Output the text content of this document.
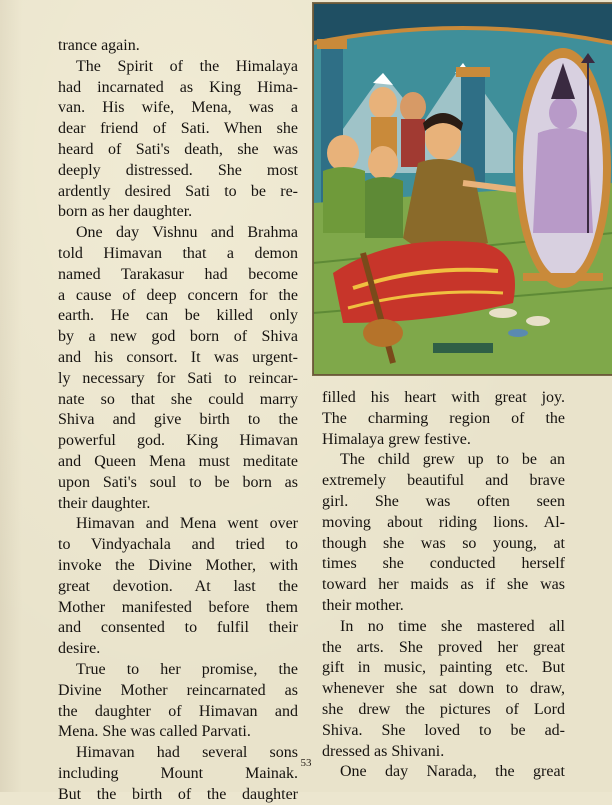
trance again.

The Spirit of the Himalaya
had incarnated as King Hima-
van. His wife, Mena, was a
dear friend of Sati. When she
heard of Sati's death, she was
deeply distressed. She most
ardently desired Sati to be re-
born as her daughter.

One day Vishnu and Brahma
told Himavan that a demon
named Tarakasur had become
a cause of deep concern for the
earth. He can be killed only
by a new god born of Shiva
and his consort. It was urgent-
ly necessary for Sati to reincar-
nate so that she could marry
Shiva and give birth to the
powerful god. King Himavan
and Queen Mena must meditate
upon Sati's soul to be born as
their daughter.

Himavan and Mena went over
to Vindyachala and tried to
invoke the Divine Mother, with
great devotion. At last the
Mother manifested before them
and consented to fulfil their
desire.

True to her promise, the
Divine Mother reincarnated as
the daughter of Himavan and
Mena. She was called Parvati.

Himavan had several sons
including Mount Mainak.
But the birth of the daughter

filled his heart with great joy.
The charming region of the
Himalaya grew festive.

The child grew up to be an
extremely beautiful and brave
girl. She was often seen
moving about riding lions. Al-
though she was so young, at
times she conducted herself
toward her maids as if she was
their mother.

In no time she mastered all
the arts. She proved her great
gift in music, painting etc. But
whenever she sat down to draw,
she drew the pictures of Lord
Shiva. She loved to be ad-
dressed as Shivani.

One day Narada, the great

53
